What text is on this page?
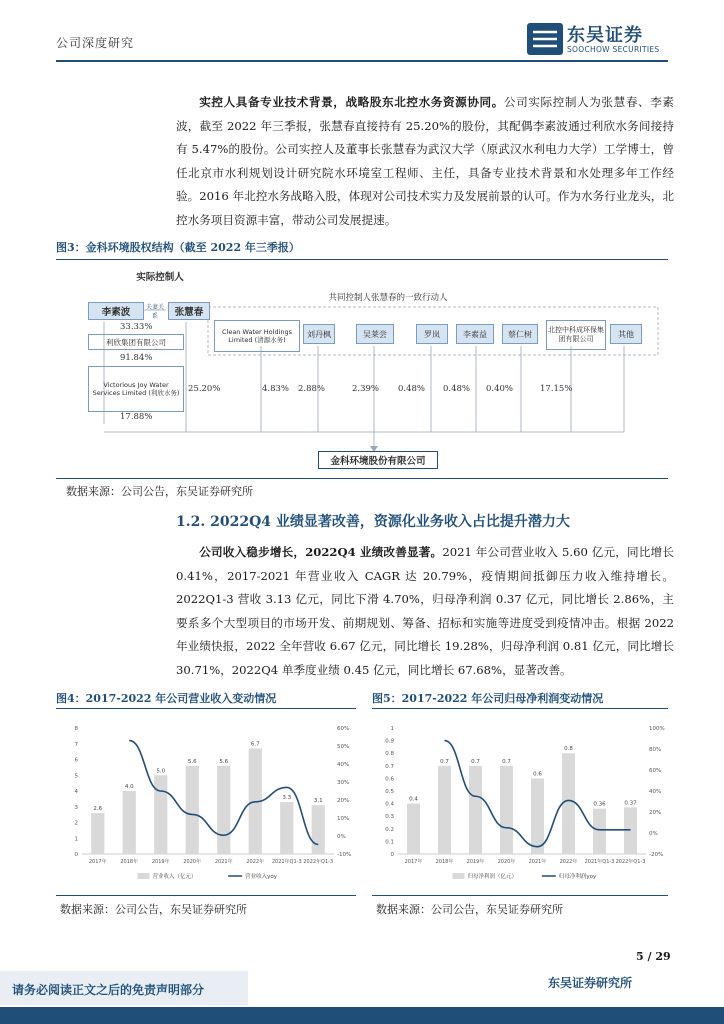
公司深度研究	东吴证券
SOOCHOW SECURITIES
实控人具备专业技术背景，战略股东北控水务资源协同。公司实际控制人为张慧春、李素波，截至 2022 年三季报，张慧春直接持有 25.20%的股份，其配偶李素波通过利欣水务间接持有 5.47%的股份。公司实控人及董事长张慧春为武汉大学（原武汉水利电力大学）工学博士，曾任北京市水利规划设计研究院水环境室工程师、主任，具备专业技术背景和水处理多年工作经验。2016 年北控水务战略入股，体现对公司技术实力及发展前景的认可。作为水务行业龙头，北控水务项目资源丰富，带动公司发展提速。
图3：金科环境股权结构（截至 2022 年三季报）
实际控制人
共同控制人张慧春的一致行动人
李素波	夫妻关系	张慧春
33.33%
利欣集团有限公司
91.84%
Victorious Joy Water Services Limited (利欣水务)
17.88%
Clean Water Holdings Limited (清源水务)
刘丹枫	吴莱尝	罗岚	李素益	蔡仁树	北控中科成环保集团有限公司
其他
25.20%	4.83% 2.88%	2.39% 0.48% 0.48% 0.40%	17.15%
金科环境股份有限公司
数据来源：公司公告，东吴证券研究所
1.2. 2022Q4 业绩显著改善，资源化业务收入占比提升潜力大
公司收入稳步增长，2022Q4 业绩改善显著。2021 年公司营业收入 5.60 亿元，同比增长 0.41%，2017-2021 年营业收入 CAGR 达 20.79%，疫情期间抵御压力收入维持增长。2022Q1-3 营收 3.13 亿元，同比下滑 4.70%，归母净利润 0.37 亿元，同比增长 2.86%，主要系多个大型项目的市场开发、前期规划、筹备、招标和实施等进度受到疫情冲击。根据 2022 年业绩快报，2022 全年营收 6.67 亿元，同比增长 19.28%，归母净利润 0.81 亿元，同比增长 30.71%，2022Q4 单季度业绩 0.45 亿元，同比增长 67.68%，显著改善。
图4：2017-2022 年公司营业收入变动情况
0
1
2
3
4
5
6
7
8
-10%
0%
10%
20%
30%
40%
50%
60%
2.6
2017年
4.0
2018年
5.0
2019年
5.6
2020年
5.6
2021年
6.7
2022年
3.3
2021年Q1-3
3.1
2022年Q1-3
营业收入（亿元）	营业收入yoy
数据来源：公司公告，东吴证券研究所
图5：2017-2022 年公司归母净利润变动情况
0
0.1
0.2
0.3
0.4
0.5
0.6
0.7
0.8
0.9
1
-20%
0%
20%
40%
60%
80%
100%
0.4
2017年
0.7
2018年
0.7
2019年
0.7
2020年
0.6
2021年
0.8
2022年
0.36
2021年Q1-3
0.37
2022年Q1-3
归母净利润（亿元）	归母净利润yoy
数据来源：公司公告，东吴证券研究所
5 / 29
请务必阅读正文之后的免责声明部分	东吴证券研究所
